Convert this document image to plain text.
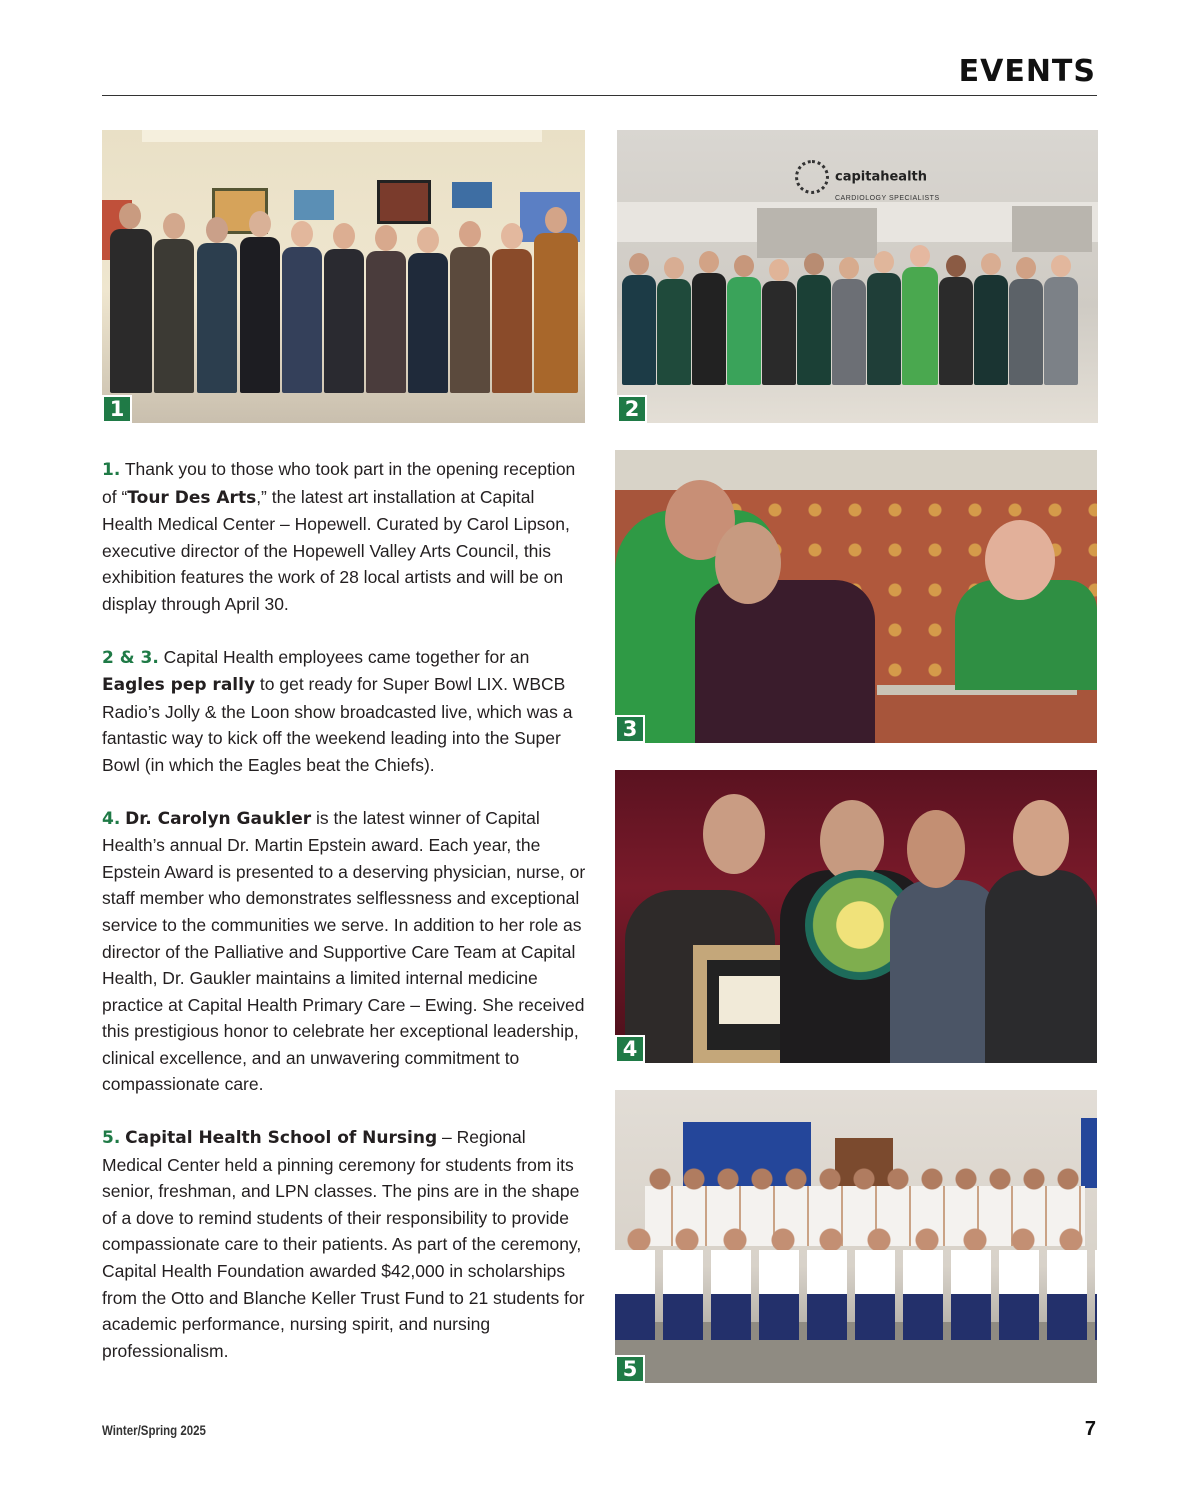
EVENTS
1
capitahealth
CARDIOLOGY SPECIALISTS
2
3
4
5

1. Thank you to those who took part in the opening reception of “Tour Des Arts,” the latest art installation at Capital Health Medical Center – Hopewell. Curated by Carol Lipson, executive director of the Hopewell Valley Arts Council, this exhibition features the work of 28 local artists and will be on display through April 30.

2 & 3. Capital Health employees came together for an Eagles pep rally to get ready for Super Bowl LIX. WBCB Radio’s Jolly & the Loon show broadcasted live, which was a fantastic way to kick off the weekend leading into the Super Bowl (in which the Eagles beat the Chiefs).

4. Dr. Carolyn Gaukler is the latest winner of Capital Health’s annual Dr. Martin Epstein award. Each year, the Epstein Award is presented to a deserving physician, nurse, or staff member who demonstrates selflessness and exceptional service to the communities we serve. In addition to her role as director of the Palliative and Supportive Care Team at Capital Health, Dr. Gaukler maintains a limited internal medicine practice at Capital Health Primary Care – Ewing. She received this prestigious honor to celebrate her exceptional leadership, clinical excellence, and an unwavering commitment to compassionate care.

5. Capital Health School of Nursing – Regional Medical Center held a pinning ceremony for students from its senior, freshman, and LPN classes. The pins are in the shape of a dove to remind students of their responsibility to provide compassionate care to their patients. As part of the ceremony, Capital Health Foundation awarded $42,000 in scholarships from the Otto and Blanche Keller Trust Fund to 21 students for academic performance, nursing spirit, and nursing professionalism.

Winter/Spring 2025	7
